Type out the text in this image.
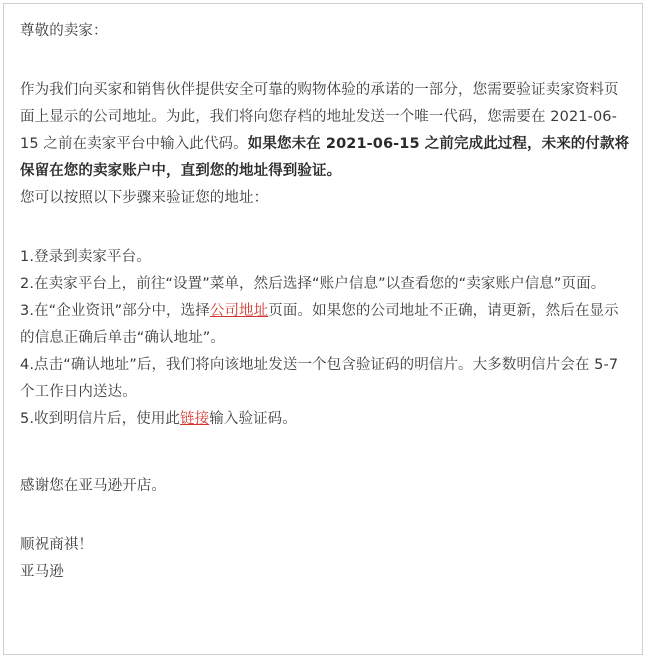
尊敬的卖家：

作为我们向买家和销售伙伴提供安全可靠的购物体验的承诺的一部分，您需要验证卖家资料页面上显示的公司地址。为此，我们将向您存档的地址发送一个唯一代码，您需要在 2021-06-15 之前在卖家平台中输入此代码。如果您未在 2021-06-15 之前完成此过程，未来的付款将保留在您的卖家账户中，直到您的地址得到验证。

您可以按照以下步骤来验证您的地址：

1.登录到卖家平台。

2.在卖家平台上，前往“设置”菜单，然后选择“账户信息”以查看您的“卖家账户信息”页面。

3.在“企业资讯”部分中，选择公司地址页面。如果您的公司地址不正确，请更新，然后在显示的信息正确后单击“确认地址”。

4.点击“确认地址”后，我们将向该地址发送一个包含验证码的明信片。大多数明信片会在 5-7 个工作日内送达。

5.收到明信片后，使用此链接输入验证码。

感谢您在亚马逊开店。

顺祝商祺！

亚马逊
